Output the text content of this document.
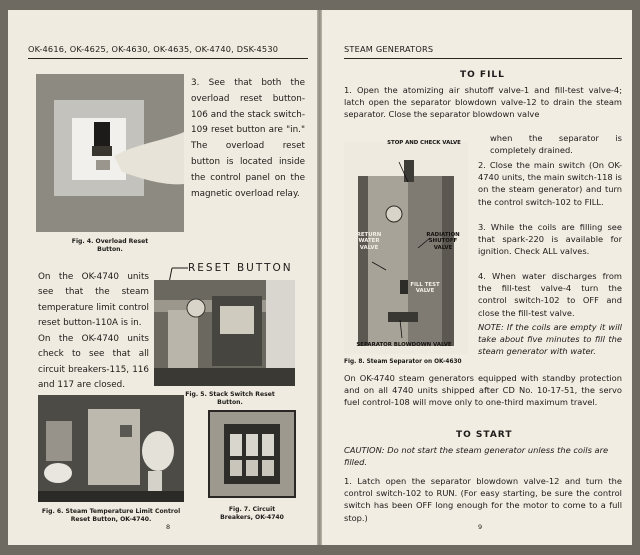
OK-4616, OK-4625, OK-4630, OK-4635, OK-4740, DSK-4530
Fig. 4. Overload Reset Button.
3. See that both the overload reset button-106 and the stack switch-109 reset button are "in." The overload reset button is located inside the control panel on the magnetic overload relay.
On the OK-4740 units see that the steam temperature limit control reset button-110A is in.
On the OK-4740 units check to see that all circuit breakers-115, 116 and 117 are closed.
RESET BUTTON
Fig. 5. Stack Switch Reset Button.
Fig. 6. Steam Temperature Limit Control Reset Button, OK-4740.
Fig. 7. Circuit Breakers, OK-4740
8
STEAM GENERATORS
TO FILL
1. Open the atomizing air shutoff valve-1 and fill-test valve-4; latch open the separator blowdown valve-12 to drain the steam separator. Close the separator blowdown valve
when the separator is completely drained.
STOP AND CHECK VALVE
RETURN WATER VALVE
RADIATION SHUTOFF VALVE
FILL TEST VALVE
SEPARATOR BLOWDOWN VALVE
Fig. 8. Steam Separator on OK-4630
2. Close the main switch (On OK-4740 units, the main switch-118 is on the steam generator) and turn the control switch-102 to FILL.
3. While the coils are filling see that spark-220 is available for ignition. Check ALL valves.
4. When water discharges from the fill-test valve-4 turn the control switch-102 to OFF and close the fill-test valve.
NOTE: If the coils are empty it will take about five minutes to fill the steam generator with water.
On OK-4740 steam generators equipped with standby protection and on all 4740 units shipped after CD No. 10-17-51, the servo fuel control-108 will move only to one-third maximum travel.
TO START
CAUTION: Do not start the steam generator unless the coils are filled.
1. Latch open the separator blowdown valve-12 and turn the control switch-102 to RUN. (For easy starting, be sure the control switch has been OFF long enough for the motor to come to a full stop.)
9
